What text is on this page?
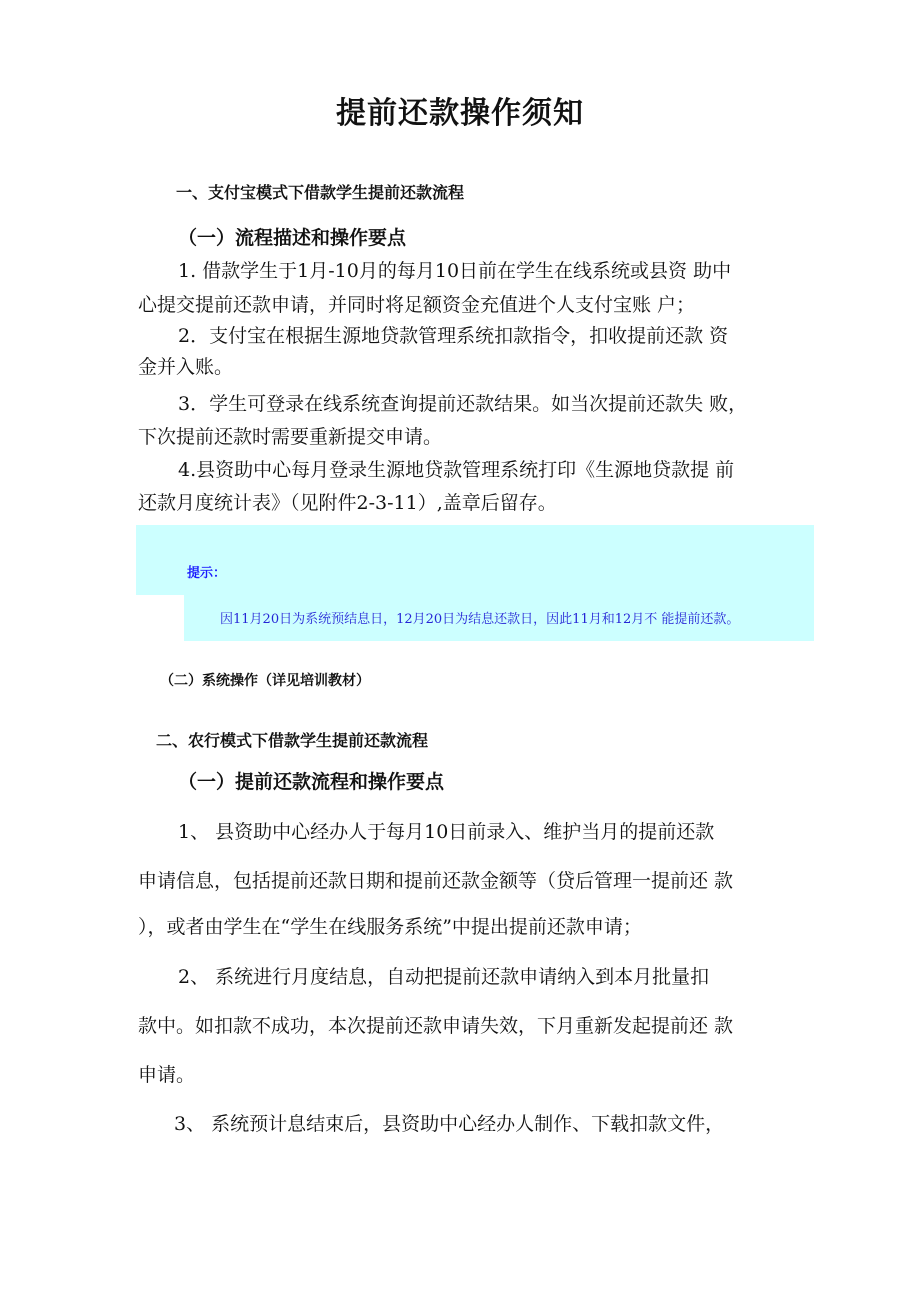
提前还款操作须知
一、支付宝模式下借款学生提前还款流程
（一）流程描述和操作要点
1. 借款学生于1月-10月的每月10日前在学生在线系统或县资 助中
心提交提前还款申请，并同时将足额资金充值进个人支付宝账 户；
2．支付宝在根据生源地贷款管理系统扣款指令，扣收提前还款 资
金并入账。
3．学生可登录在线系统查询提前还款结果。如当次提前还款失 败，
下次提前还款时需要重新提交申请。
4.县资助中心每月登录生源地贷款管理系统打印《生源地贷款提 前
还款月度统计表》（见附件2-3-11）,盖章后留存。
提示：
因11月20日为系统预结息日，12月20日为结息还款日，因此11月和12月不 能提前还款。
（二）系统操作（详见培训教材）
二、农行模式下借款学生提前还款流程
（一）提前还款流程和操作要点
1、 县资助中心经办人于每月10日前录入、维护当月的提前还款
申请信息，包括提前还款日期和提前还款金额等（贷后管理一提前还 款
），或者由学生在“学生在线服务系统”中提出提前还款申请；
2、 系统进行月度结息，自动把提前还款申请纳入到本月批量扣
款中。如扣款不成功，本次提前还款申请失效，下月重新发起提前还 款
申请。
3、 系统预计息结束后，县资助中心经办人制作、下载扣款文件，
